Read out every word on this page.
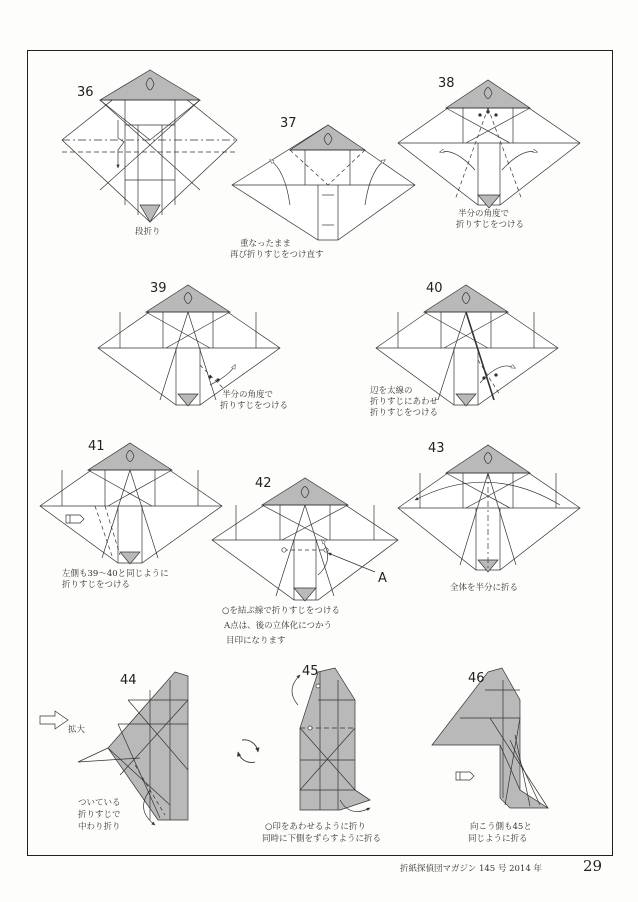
36
段折り
37
重なったまま
再び折りすじをつけ直す
38
半分の角度で
折りすじをつける
39
半分の角度で
折りすじをつける
40
辺を太線の
折りすじにあわせ
折りすじをつける
41
左側も39～40と同じように
折りすじをつける
42
A
○を結ぶ線で折りすじをつける
A点は、後の立体化につかう
目印になります
43
全体を半分に折る
44
拡大
ついている
折りすじで
中わり折り
45
○印をあわせるように折り
同時に下側をずらすように折る
46
向こう側も45と
同じように折る
折紙探偵団マガジン 145 号 2014 年	29
